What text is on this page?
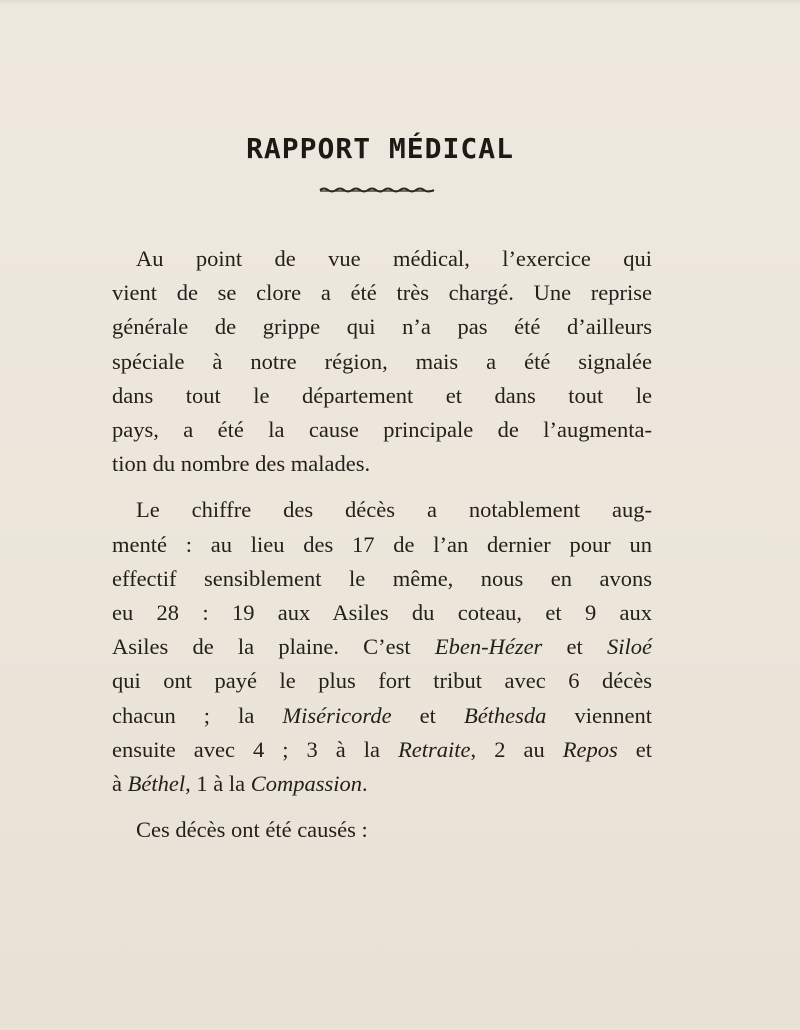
RAPPORT MÉDICAL

Au point de vue médical, l’exercice qui
vient de se clore a été très chargé. Une reprise
générale de grippe qui n’a pas été d’ailleurs
spéciale à notre région, mais a été signalée
dans tout le département et dans tout le
pays, a été la cause principale de l’augmenta-
tion du nombre des malades.

Le chiffre des décès a notablement aug-
menté : au lieu des 17 de l’an dernier pour un
effectif sensiblement le même, nous en avons
eu 28 : 19 aux Asiles du coteau, et 9 aux
Asiles de la plaine. C’est Eben-Hézer et Siloé
qui ont payé le plus fort tribut avec 6 décès
chacun ; la Miséricorde et Béthesda viennent
ensuite avec 4 ; 3 à la Retraite, 2 au Repos et
à Béthel, 1 à la Compassion.

Ces décès ont été causés :
